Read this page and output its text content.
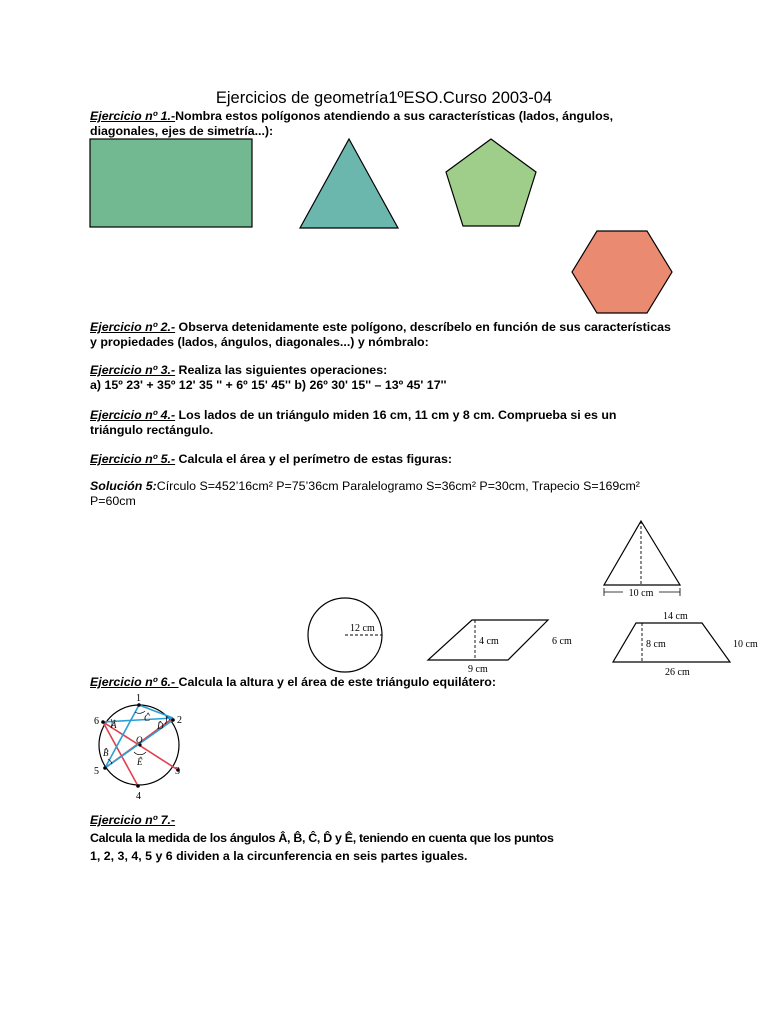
Ejercicios de geometría1ºESO.Curso 2003-04
Ejercicio nº 1.-Nombra estos polígonos atendiendo a sus características (lados, ángulos,
diagonales, ejes de simetría...):
Ejercicio nº 2.- Observa detenidamente este polígono, descríbelo en función de sus características
y propiedades (lados, ángulos, diagonales...) y nómbralo:
Ejercicio nº 3.- Realiza las siguientes operaciones:
a) 15º 23' + 35º 12' 35 '' + 6º 15' 45'' b) 26º 30' 15'' – 13º 45' 17''
Ejercicio nº 4.- Los lados de un triángulo miden 16 cm, 11 cm y 8 cm. Comprueba si es un
triángulo rectángulo.
Ejercicio nº 5.- Calcula el área y el perímetro de estas figuras:
Solución 5:Círculo S=452’16cm² P=75’36cm Paralelogramo S=36cm² P=30cm, Trapecio S=169cm²
P=60cm
10 cm
12 cm
4 cm	6 cm
9 cm
14 cm
8 cm	10 cm
26 cm
Ejercicio nº 6.- Calcula la altura y el área de este triángulo equilátero:
1
2
3
4
5
6 Â
B̂
Ĉ
D̂
Ê
O
Ejercicio nº 7.-
Calcula la medida de los ángulos Â, B̂, Ĉ, D̂ y Ê, teniendo en cuenta que los puntos
1, 2, 3, 4, 5 y 6 dividen a la circunferencia en seis partes iguales.
